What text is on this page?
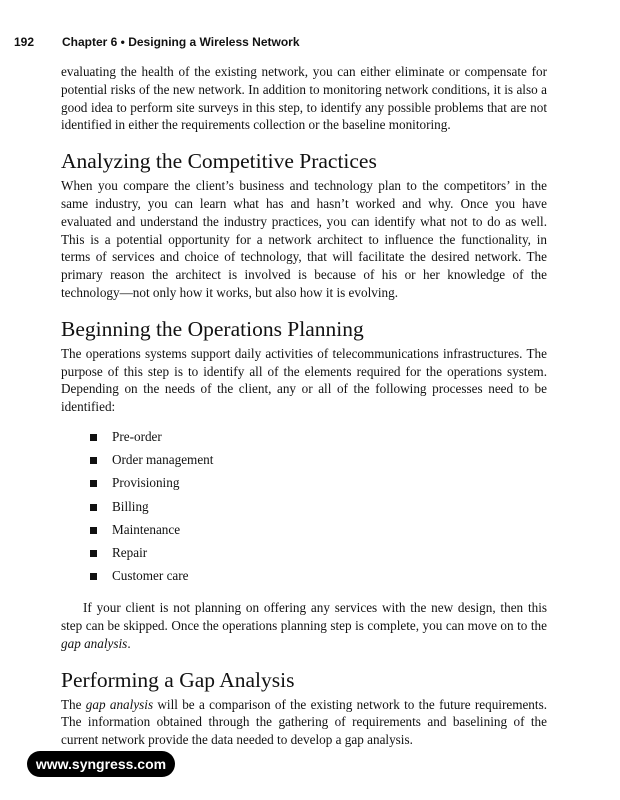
192 Chapter 6 • Designing a Wireless Network

evaluating the health of the existing network, you can either eliminate or compensate for potential risks of the new network. In addition to monitoring network conditions, it is also a good idea to perform site surveys in this step, to identify any possible problems that are not identified in either the requirements collection or the baseline monitoring.

Analyzing the Competitive Practices

When you compare the client’s business and technology plan to the competitors’ in the same industry, you can learn what has and hasn’t worked and why. Once you have evaluated and understand the industry practices, you can identify what not to do as well. This is a potential opportunity for a network architect to influence the functionality, in terms of services and choice of technology, that will facilitate the desired network. The primary reason the architect is involved is because of his or her knowledge of the technology—not only how it works, but also how it is evolving.

Beginning the Operations Planning

The operations systems support daily activities of telecommunications infrastructures. The purpose of this step is to identify all of the elements required for the operations system. Depending on the needs of the client, any or all of the following processes need to be identified:

Pre-order
Order management
Provisioning
Billing
Maintenance
Repair
Customer care

If your client is not planning on offering any services with the new design, then this step can be skipped. Once the operations planning step is complete, you can move on to the gap analysis.

Performing a Gap Analysis

The gap analysis will be a comparison of the existing network to the future requirements. The information obtained through the gathering of requirements and baselining of the current network provide the data needed to develop a gap analysis.

www.syngress.com
